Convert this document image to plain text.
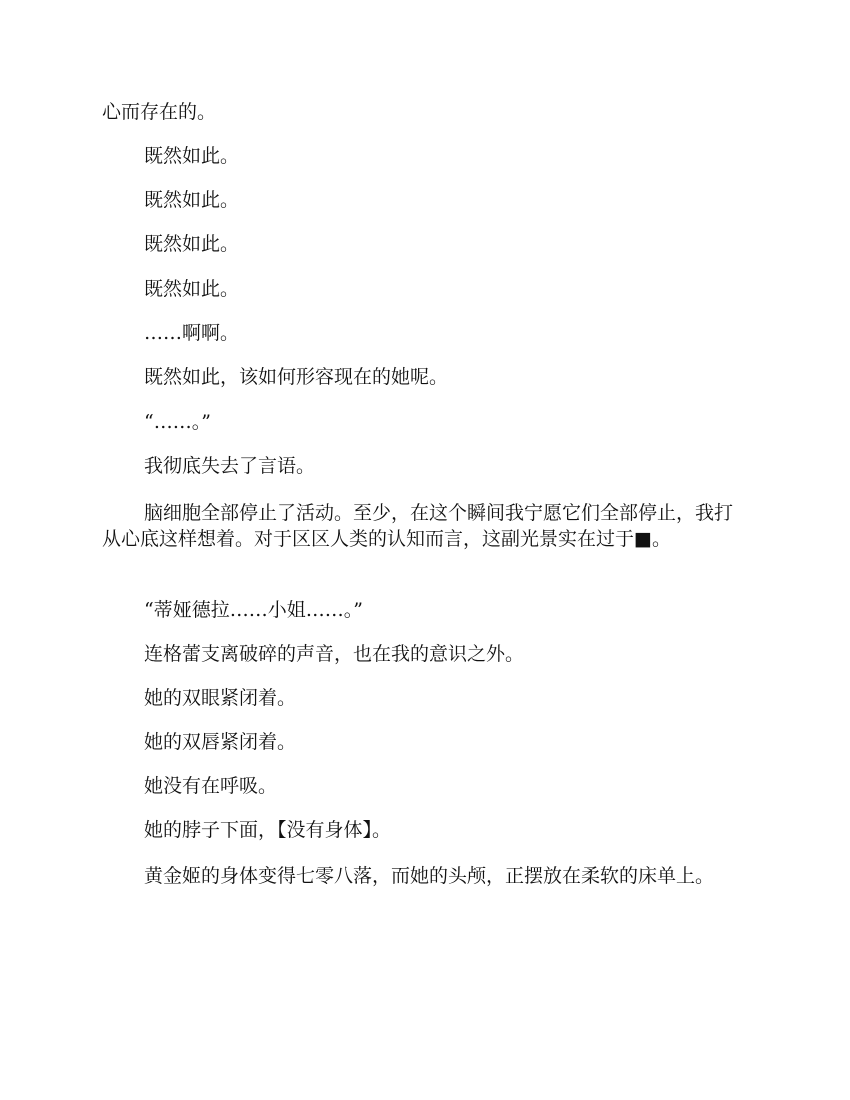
心而存在的。

既然如此。

既然如此。

既然如此。

既然如此。

……啊啊。

既然如此，该如何形容现在的她呢。

“……。”

我彻底失去了言语。

脑细胞全部停止了活动。至少，在这个瞬间我宁愿它们全部停止，我打从心底这样想着。对于区区人类的认知而言，这副光景实在过于■。

“蒂娅德拉……小姐……。”

连格蕾支离破碎的声音，也在我的意识之外。

她的双眼紧闭着。

她的双唇紧闭着。

她没有在呼吸。

她的脖子下面，【没有身体】。

黄金姬的身体变得七零八落，而她的头颅，正摆放在柔软的床单上。
